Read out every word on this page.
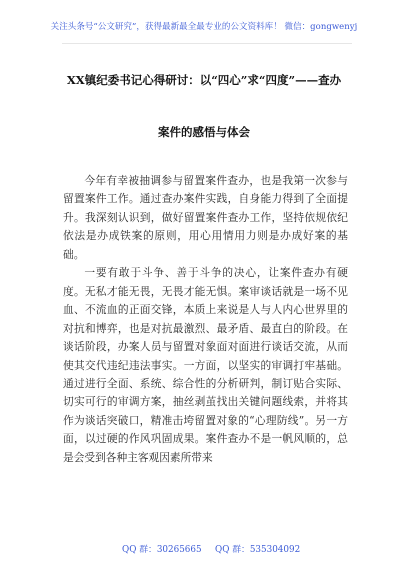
关注头条号“公文研究”，获得最新最全最专业的公文资料库！ 微信：gongwenyj
XX镇纪委书记心得研讨：以“四心”求“四度”——查办
案件的感悟与体会

今年有幸被抽调参与留置案件查办，也是我第一次参与留置案件工作。通过查办案件实践，自身能力得到了全面提升。我深刻认识到，做好留置案件查办工作，坚持依规依纪依法是办成铁案的原则，用心用情用力则是办成好案的基础。

一要有敢于斗争、善于斗争的决心，让案件查办有硬度。无私才能无畏，无畏才能无惧。案审谈话就是一场不见血、不流血的正面交锋，本质上来说是人与人内心世界里的对抗和博弈，也是对抗最激烈、最矛盾、最直白的阶段。在谈话阶段，办案人员与留置对象面对面进行谈话交流，从而使其交代违纪违法事实。一方面，以坚实的审调打牢基础。通过进行全面、系统、综合性的分析研判，制订贴合实际、切实可行的审调方案，抽丝剥茧找出关键问题线索，并将其作为谈话突破口，精准击垮留置对象的“心理防线”。另一方面，以过硬的作风巩固成果。案件查办不是一帆风顺的，总是会受到各种主客观因素所带来

QQ 群：30265665 QQ 群：535304092
